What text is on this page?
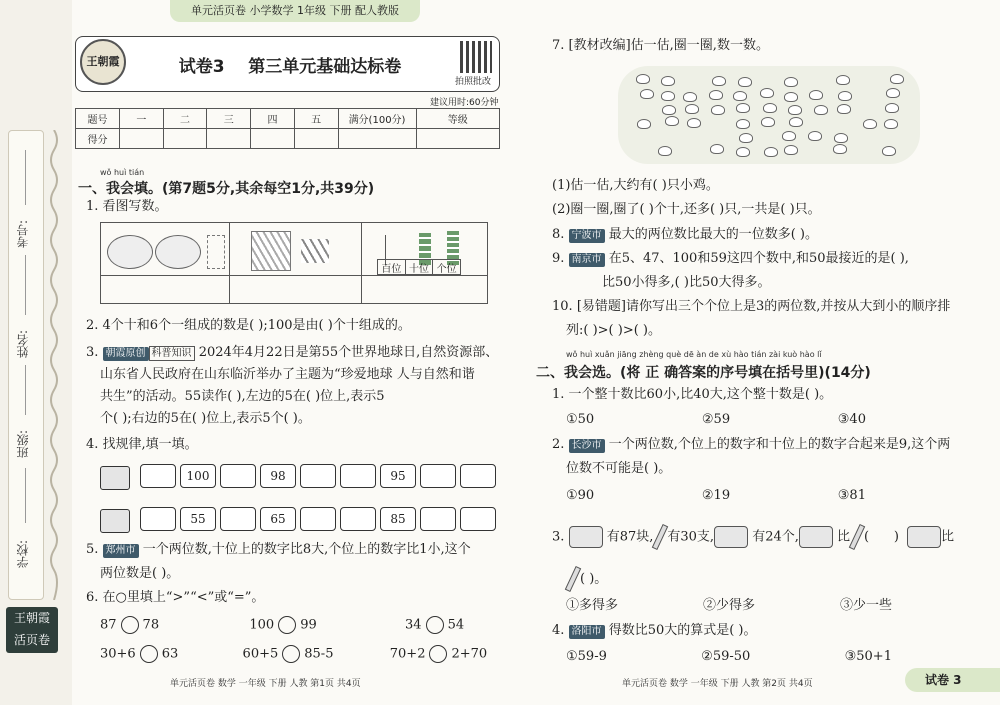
考号:
姓名:
班级:
学校:
王朝霞
活页卷
单元活页卷 小学数学 1年级 下册 配人教版
王朝霞	试卷3 第三单元基础达标卷
拍照批改
建议用时:60分钟
题号	一	二	三	四	五	满分(100分)	等级
得分							
wǒ huì tián
一、我会填。(第7题5分,其余每空1分,共39分)
1. 看图写数。
百位 十位 个位
2. 4个十和6个一组成的数是( );100是由( )个十组成的。
3. 朝霞原创 科普知识 2024年4月22日是第55个世界地球日,自然资源部、
山东省人民政府在山东临沂举办了主题为“珍爱地球 人与自然和谐
共生”的活动。55读作( ),左边的5在( )位上,表示5
个( );右边的5在( )位上,表示5个( )。
4. 找规律,填一填。
100	98	95
55	65	85
5. 郑州市 一个两位数,十位上的数字比8大,个位上的数字比1小,这个
两位数是( )。
6. 在○里填上“>”“<”或“=”。
87 78	100 99	34 54
30+6 63	60+5 85-5	70+2 2+70
单元活页卷 数学 一年级 下册 人教 第1页 共4页
7. [教材改编]估一估,圈一圈,数一数。
(1)估一估,大约有( )只小鸡。
(2)圈一圈,圈了( )个十,还多( )只,一共是( )只。
8. 宁波市 最大的两位数比最大的一位数多( )。
9. 南京市 在5、47、100和59这四个数中,和50最接近的是( ),
比50小得多,( )比50大得多。
10. [易错题]请你写出三个个位上是3的两位数,并按从大到小的顺序排
列:( )>( )>( )。
wǒ huì xuǎn jiāng zhèng què dē àn de xù hào tián zài kuò hào lǐ
二、我会选。(将 正 确答案的序号填在括号里)(14分)
1. 一个整十数比60小,比40大,这个整十数是( )。
①50	②59	③40
2. 长沙市 一个两位数,个位上的数字和十位上的数字合起来是9,这个两
位数不可能是( )。
①90	②19	③81
3.	有87块, 有30支,	有24个,	比 (      )	比
( )。
①多得多	②少得多	③少一些
4. 洛阳市 得数比50大的算式是( )。
①59-9	②59-50	③50+1
单元活页卷 数学 一年级 下册 人教 第2页 共4页	试卷 3
